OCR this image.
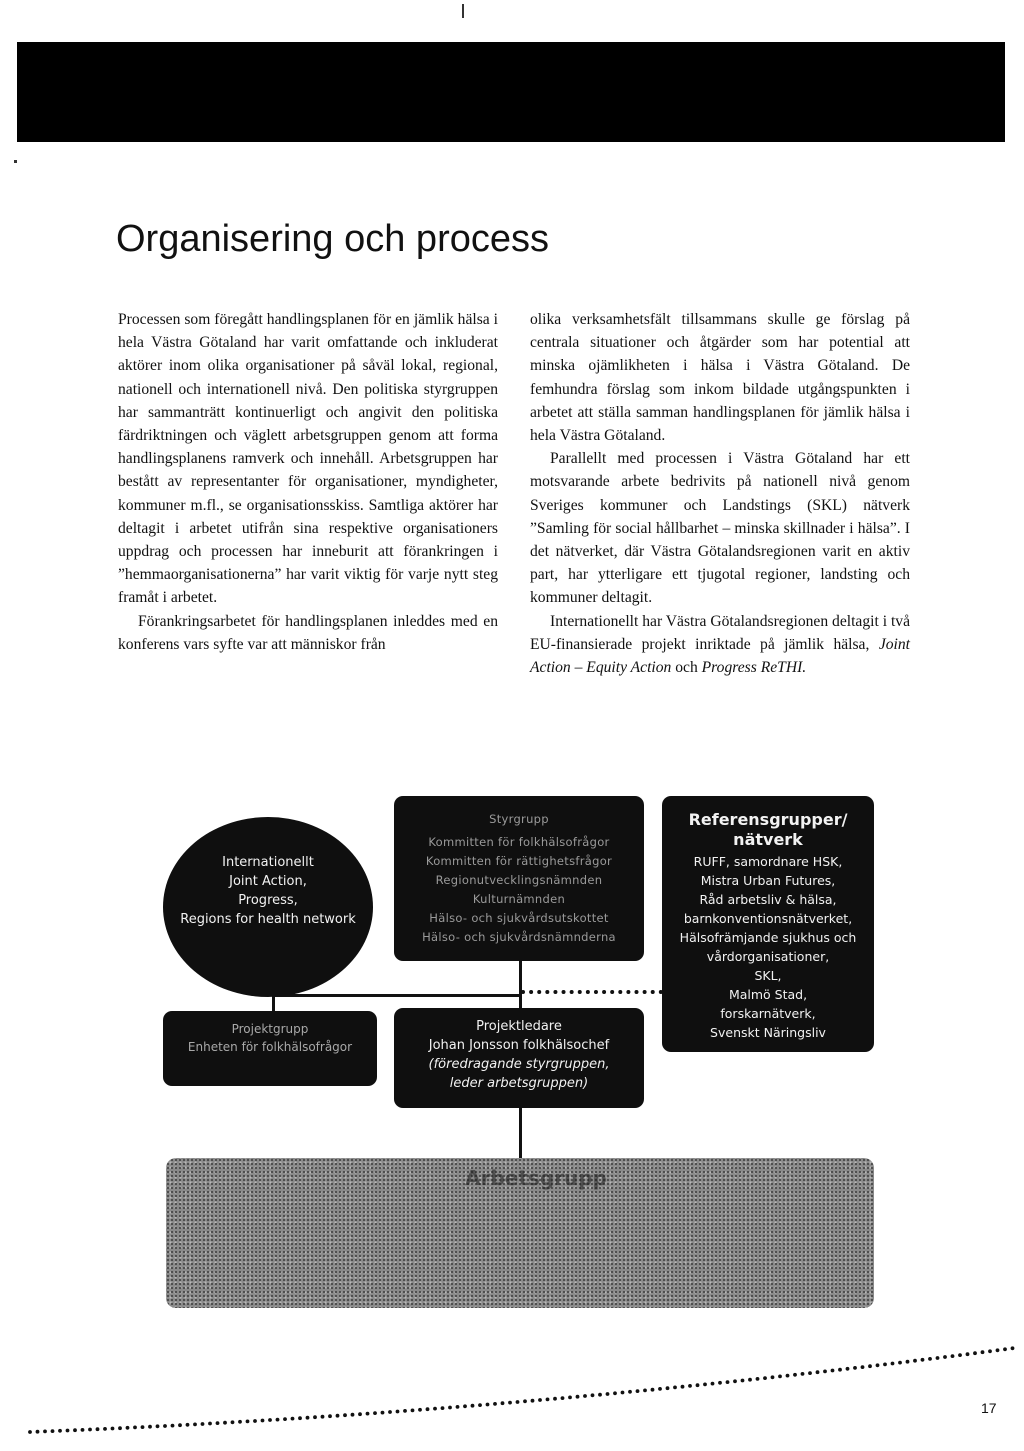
Organisering och process

Processen som föregått handlingsplanen för en jämlik hälsa i hela Västra Götaland har varit omfattande och inkluderat aktörer inom olika organisationer på såväl lokal, regional, nationell och internationell nivå. Den politiska styrgruppen har sammanträtt kontinuerligt och angivit den politiska färdriktningen och väglett arbetsgruppen genom att forma handlingsplanens ramverk och innehåll. Arbetsgruppen har bestått av representanter för organisationer, myndigheter, kommuner m.fl., se organisationsskiss. Samtliga aktörer har deltagit i arbetet utifrån sina respektive organisationers uppdrag och processen har inneburit att förankringen i ”hemmaorganisationerna” har varit viktig för varje nytt steg framåt i arbetet.

Förankringsarbetet för handlingsplanen inleddes med en konferens vars syfte var att människor från

olika verksamhetsfält tillsammans skulle ge förslag på centrala situationer och åtgärder som har potential att minska ojämlikheten i hälsa i Västra Götaland. De femhundra förslag som inkom bildade utgångspunkten i arbetet att ställa samman handlingsplanen för jämlik hälsa i hela Västra Götaland.

Parallellt med processen i Västra Götaland har ett motsvarande arbete bedrivits på nationell nivå genom Sveriges kommuner och Landstings (SKL) nätverk ”Samling för social hållbarhet – minska skillnader i hälsa”. I det nätverket, där Västra Götalandsregionen varit en aktiv part, har ytterligare ett tjugotal regioner, landsting och kommuner deltagit.

Internationellt har Västra Götalandsregionen deltagit i två EU-finansierade projekt inriktade på jämlik hälsa, Joint Action – Equity Action och Progress ReTHI.

Internationellt
Joint Action,
Progress,
Regions for health network
Styrgrupp
Kommitten för folkhälsofrågor
Kommitten för rättighetsfrågor
Regionutvecklingsnämnden
Kulturnämnden
Hälso- och sjukvårdsutskottet
Hälso- och sjukvårdsnämnderna
Referensgrupper/ nätverk
RUFF, samordnare HSK,
Mistra Urban Futures,
Råd arbetsliv & hälsa,
barnkonventionsnätverket,
Hälsofrämjande sjukhus och
vårdorganisationer,
SKL,
Malmö Stad,
forskarnätverk,
Svenskt Näringsliv
Projektgrupp
Enheten för folkhälsofrågor
Projektledare
Johan Jonsson folkhälsochef
(föredragande styrgruppen,
leder arbetsgruppen)
Arbetsgrupp
17
